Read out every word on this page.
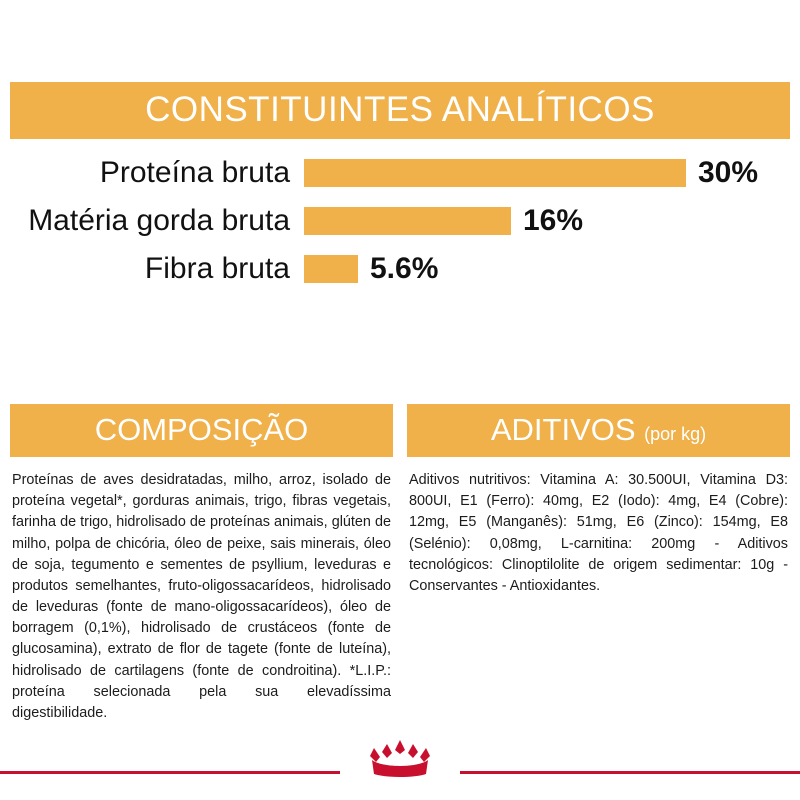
CONSTITUINTES ANALÍTICOS
Proteína bruta	30%
Matéria gorda bruta	16%
Fibra bruta	5.6%
COMPOSIÇÃO
Proteínas de aves desidratadas, milho, arroz, isolado de proteína vegetal*, gorduras animais, trigo, fibras vegetais, farinha de trigo, hidrolisado de proteínas animais, glúten de milho, polpa de chicória, óleo de peixe, sais minerais, óleo de soja, tegumento e sementes de psyllium, leveduras e produtos semelhantes, fruto-oligossacarídeos, hidrolisado de leveduras (fonte de mano-oligossacarídeos), óleo de borragem (0,1%), hidrolisado de crustáceos (fonte de glucosamina), extrato de flor de tagete (fonte de luteína), hidrolisado de cartilagens (fonte de condroitina). *L.I.P.: proteína selecionada pela sua elevadíssima digestibilidade.
ADITIVOS (por kg)
Aditivos nutritivos: Vitamina A: 30.500UI, Vitamina D3: 800UI, E1 (Ferro): 40mg, E2 (Iodo): 4mg, E4 (Cobre): 12mg, E5 (Manganês): 51mg, E6 (Zinco): 154mg, E8 (Selénio): 0,08mg, L-carnitina: 200mg - Aditivos tecnológicos: Clinoptilolite de origem sedimentar: 10g - Conservantes - Antioxidantes.
